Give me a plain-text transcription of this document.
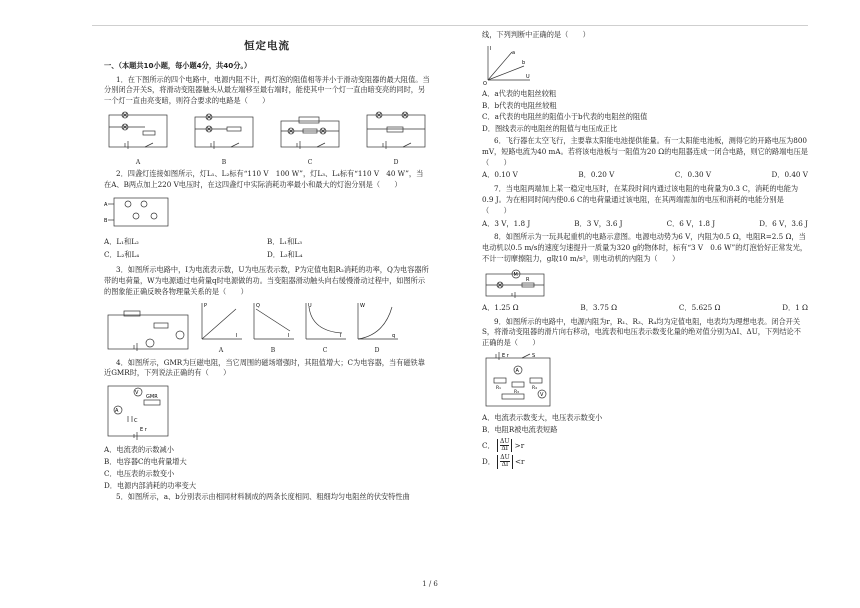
恒定电流
一、（本题共10小题，每小题4分，共40分。）

1．在下图所示的四个电路中，电源内阻不计，两灯泡的阻值相等并小于滑动变阻器的最大阻值。当分别闭合开关S，将滑动变阻器触头从最左端移至最右端时，能使其中一个灯一直由暗变亮的同时，另一个灯一直由亮变暗，则符合要求的电路是（　　）

A	B	C	D

2．四盏灯连接如图所示，灯L₁、L₂标有“110 V　100 W”，灯L₃、L₄标有“110 V　40 W”，当在A、B两点加上220 V电压时，在这四盏灯中实际消耗功率最小和最大的灯泡分别是（　　）

A
B
A．L₁和L₂	B．L₁和L₃
C．L₂和L₄	D．L₃和L₄

3．如图所示电路中，I为电流表示数，U为电压表示数，P为定值电阻R₂消耗的功率，Q为电容器所带的电荷量，W为电源通过电荷量q时电源做的功。当变阻器滑动触头向右缓慢滑动过程中，如图所示的图象能正确反映各物理量关系的是（　　）

P
I
A
Q
I
B
U
I
C
W
q
D

4．如图所示，GMR为巨磁电阻，当它周围的磁场增强时，其阻值增大；C为电容器，当有磁铁靠近GMR时，下列说法正确的有（　　）

V
GMR
A
C
E r
A．电流表的示数减小
B．电容器C的电荷量增大
C．电压表的示数变小
D．电源内部消耗的功率变大

5．如图所示，a、b分别表示由相同材料制成的两条长度相同、粗细均匀电阻丝的伏安特性曲

线，下列判断中正确的是（　　）
I
U
a
b
O
A．a代表的电阻丝较粗
B．b代表的电阻丝较粗
C．a代表的电阻丝的阻值小于b代表的电阻丝的阻值
D．图线表示的电阻丝的阻值与电压成正比

6．飞行器在太空飞行，主要靠太阳能电池提供能量。有一太阳能电池板，测得它的开路电压为800 mV，短路电流为40 mA。若将该电池板与一阻值为20 Ω的电阻器连成一闭合电路，则它的路端电压是（　　）

A．0.10 V	B．0.20 V	C．0.30 V	D．0.40 V

7．当电阻两端加上某一稳定电压时，在某段时间内通过该电阻的电荷量为0.3 C，消耗的电能为0.9 J。为在相同时间内使0.6 C的电荷量通过该电阻，在其两端需加的电压和消耗的电能分别是（　　）

A．3 V，1.8 J	B．3 V，3.6 J	C．6 V，1.8 J	D．6 V，3.6 J

8．如图所示为一玩具起重机的电路示意图。电源电动势为6 V，内阻为0.5 Ω，电阻R=2.5 Ω，当电动机以0.5 m/s的速度匀速提升一质量为320 g的物体时，标有“3 V　0.6 W”的灯泡恰好正常发光，不计一切摩擦阻力，g取10 m/s²，则电动机的内阻为（　　）

M
R
A．1.25 Ω	B．3.75 Ω	C．5.625 Ω	D．1 Ω

9．如图所示的电路中，电源内阻为r，R₁、R₃、R₄均为定值电阻，电表均为理想电表。闭合开关S，将滑动变阻器的滑片向右移动，电流表和电压表示数变化量的绝对值分别为ΔI、ΔU，下列结论不正确的是（　　）

E r	S
A
R₁
R₃
R₄
V
A．电流表示数变大，电压表示数变小
B．电阻R被电流表短路
C． $\frac{\Delta U}{\Delta I} >r$
D． $\frac{\Delta U}{\Delta I} <r$
1 / 6
